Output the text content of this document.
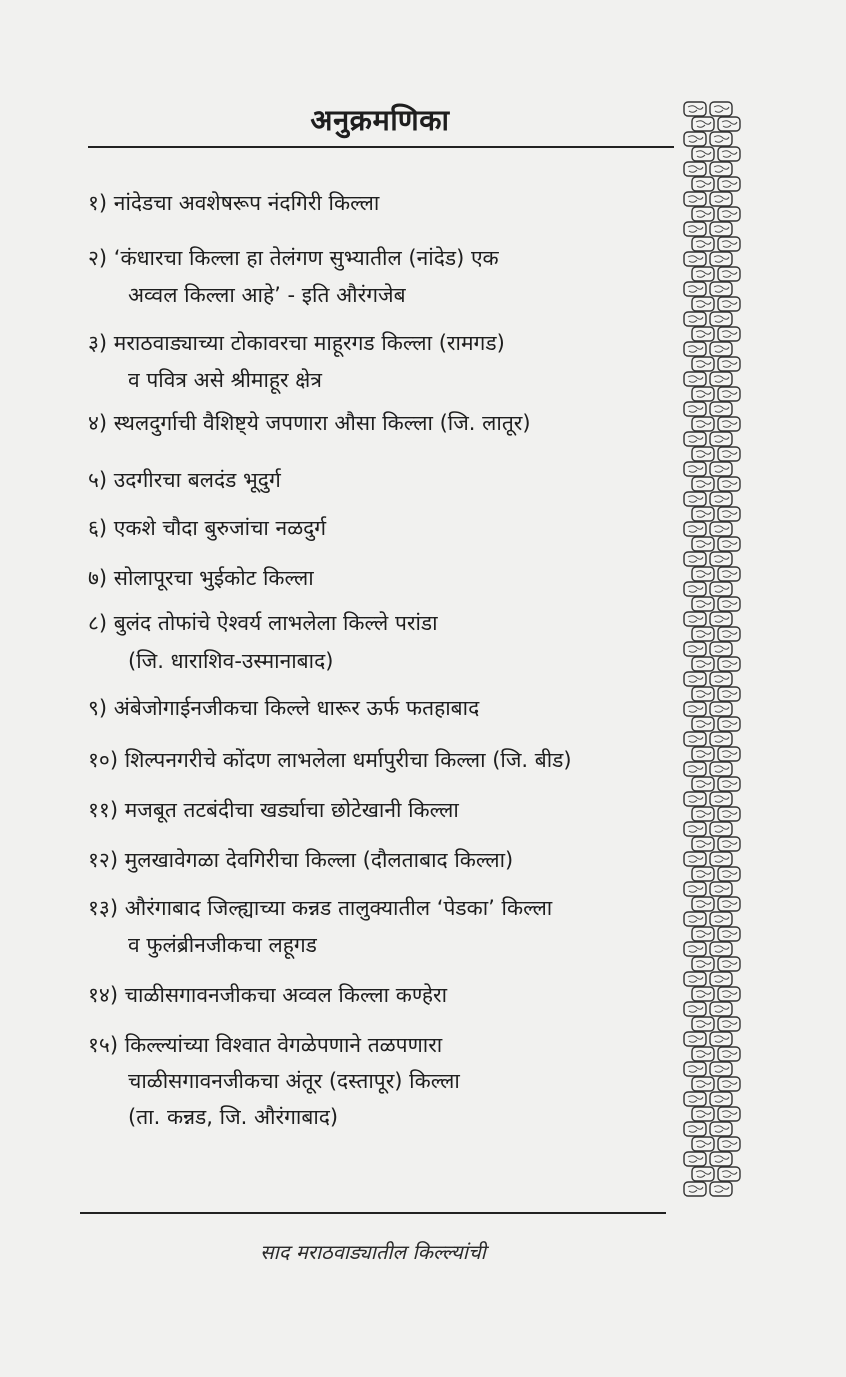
अनुक्रमणिका
१) नांदेडचा अवशेषरूप नंदगिरी किल्ला
२) ‘कंधारचा किल्ला हा तेलंगण सुभ्यातील (नांदेड) एक
अव्वल किल्ला आहे’ - इति औरंगजेब
३) मराठवाड्याच्या टोकावरचा माहूरगड किल्ला (रामगड)
व पवित्र असे श्रीमाहूर क्षेत्र
४) स्थलदुर्गाची वैशिष्ट्ये जपणारा औसा किल्ला (जि. लातूर)
५) उदगीरचा बलदंड भूदुर्ग
६) एकशे चौदा बुरुजांचा नळदुर्ग
७) सोलापूरचा भुईकोट किल्ला
८) बुलंद तोफांचे ऐश्वर्य लाभलेला किल्ले परांडा
(जि. धाराशिव-उस्मानाबाद)
९) अंबेजोगाईनजीकचा किल्ले धारूर ऊर्फ फतहाबाद
१०) शिल्पनगरीचे कोंदण लाभलेला धर्मापुरीचा किल्ला (जि. बीड)
११) मजबूत तटबंदीचा खर्ड्याचा छोटेखानी किल्ला
१२) मुलखावेगळा देवगिरीचा किल्ला (दौलताबाद किल्ला)
१३) औरंगाबाद जिल्ह्याच्या कन्नड तालुक्यातील ‘पेडका’ किल्ला
व फुलंब्रीनजीकचा लहूगड
१४) चाळीसगावनजीकचा अव्वल किल्ला कण्हेरा
१५) किल्ल्यांच्या विश्वात वेगळेपणाने तळपणारा
चाळीसगावनजीकचा अंतूर (दस्तापूर) किल्ला
(ता. कन्नड, जि. औरंगाबाद)
साद मराठवाड्यातील किल्ल्यांची
